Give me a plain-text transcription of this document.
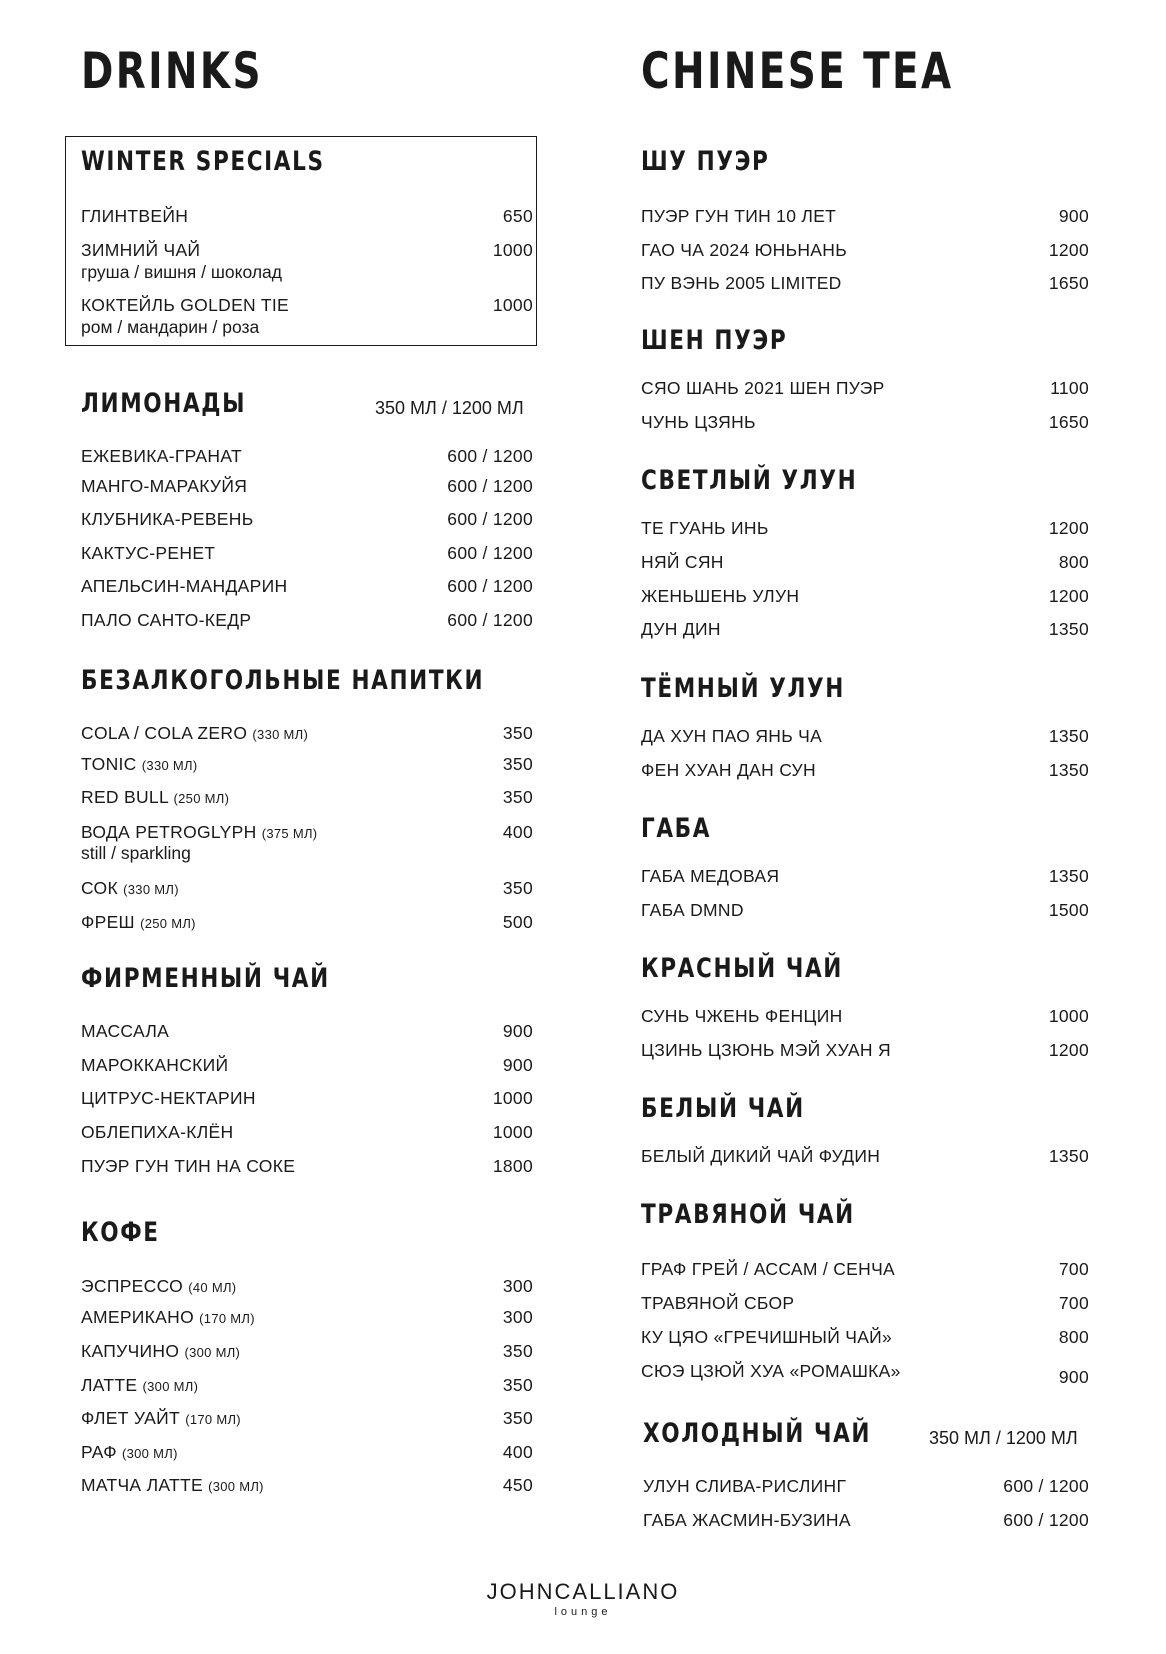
DRINKS
WINTER SPECIALS
ГЛИНТВЕЙН	650
ЗИМНИЙ ЧАЙ	1000
груша / вишня / шоколад
КОКТЕЙЛЬ GOLDEN TIE	1000
ром / мандарин / роза
ЛИМОНАДЫ	350 МЛ / 1200 МЛ
ЕЖЕВИКА-ГРАНАТ	600 / 1200
МАНГО-МАРАКУЙЯ	600 / 1200
КЛУБНИКА-РЕВЕНЬ	600 / 1200
КАКТУС-РЕНЕТ	600 / 1200
АПЕЛЬСИН-МАНДАРИН	600 / 1200
ПАЛО САНТО-КЕДР	600 / 1200
БЕЗАЛКОГОЛЬНЫЕ НАПИТКИ
COLA / COLA ZERO (330 МЛ)	350
TONIC (330 МЛ)	350
RED BULL (250 МЛ)	350
ВОДА PETROGLYPH (375 МЛ)	400
still / sparkling
СОК (330 МЛ)	350
ФРЕШ (250 МЛ)	500
ФИРМЕННЫЙ ЧАЙ
МАССАЛА	900
МАРОККАНСКИЙ	900
ЦИТРУС-НЕКТАРИН	1000
ОБЛЕПИХА-КЛЁН	1000
ПУЭР ГУН ТИН НА СОКЕ	1800
КОФЕ
ЭСПРЕССО (40 МЛ)	300
АМЕРИКАНО (170 МЛ)	300
КАПУЧИНО (300 МЛ)	350
ЛАТТЕ (300 МЛ)	350
ФЛЕТ УАЙТ (170 МЛ)	350
РАФ (300 МЛ)	400
МАТЧА ЛАТТЕ (300 МЛ)	450
CHINESE TEA
ШУ ПУЭР
ПУЭР ГУН ТИН 10 ЛЕТ	900
ГАО ЧА 2024 ЮНЬНАНЬ	1200
ПУ ВЭНЬ 2005 LIMITED	1650
ШЕН ПУЭР
СЯО ШАНЬ 2021 ШЕН ПУЭР	1100
ЧУНЬ ЦЗЯНЬ	1650
СВЕТЛЫЙ УЛУН
ТЕ ГУАНЬ ИНЬ	1200
НЯЙ СЯН	800
ЖЕНЬШЕНЬ УЛУН	1200
ДУН ДИН	1350
ТЁМНЫЙ УЛУН
ДА ХУН ПАО ЯНЬ ЧА	1350
ФЕН ХУАН ДАН СУН	1350
ГАБА
ГАБА МЕДОВАЯ	1350
ГАБА DMND	1500
КРАСНЫЙ ЧАЙ
СУНЬ ЧЖЕНЬ ФЕНЦИН	1000
ЦЗИНЬ ЦЗЮНЬ МЭЙ ХУАН Я	1200
БЕЛЫЙ ЧАЙ
БЕЛЫЙ ДИКИЙ ЧАЙ ФУДИН	1350
ТРАВЯНОЙ ЧАЙ
ГРАФ ГРЕЙ / АССАМ / СЕНЧА	700
ТРАВЯНОЙ СБОР	700
КУ ЦЯО «ГРЕЧИШНЫЙ ЧАЙ»	800
СЮЭ ЦЗЮЙ ХУА «РОМАШКА»	900
ХОЛОДНЫЙ ЧАЙ	350 МЛ / 1200 МЛ
УЛУН СЛИВА-РИСЛИНГ	600 / 1200
ГАБА ЖАСМИН-БУЗИНА	600 / 1200
JOHNCALLIANO
lounge
